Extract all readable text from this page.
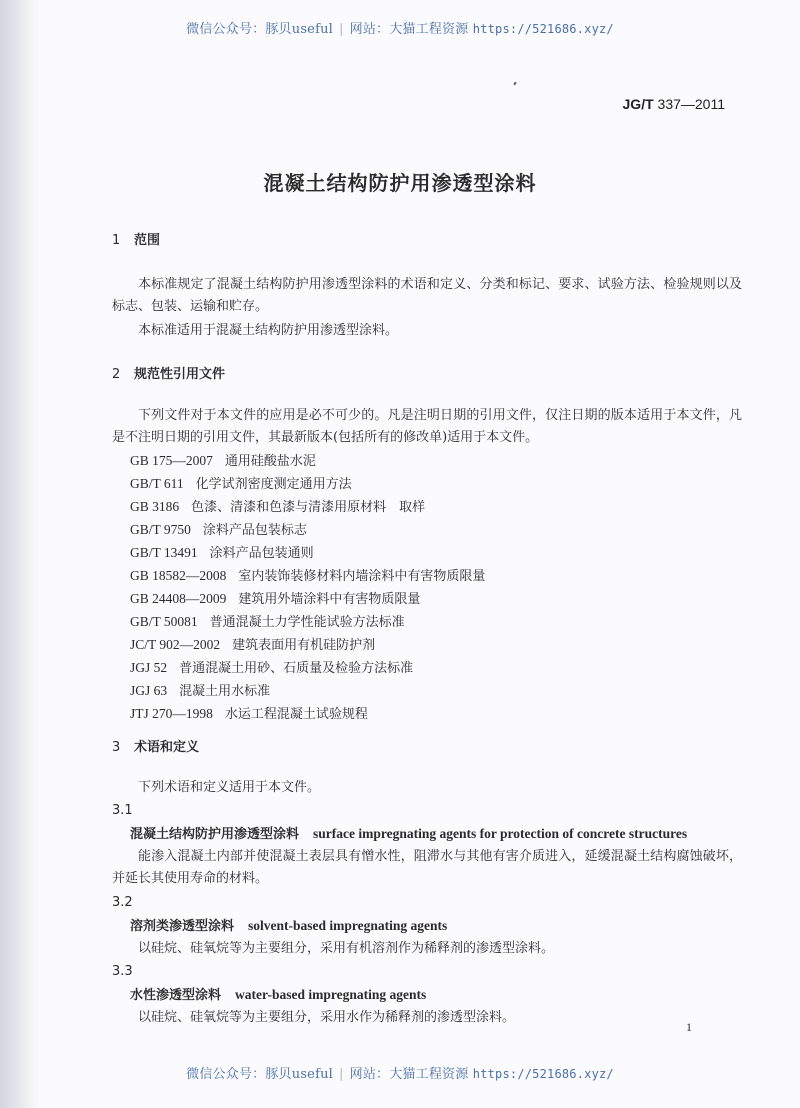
微信公众号：豚贝useful | 网站：大猫工程资源 https://521686.xyz/
JG/T 337—2011
混凝土结构防护用渗透型涂料
1 范围
本标准规定了混凝土结构防护用渗透型涂料的术语和定义、分类和标记、要求、试验方法、检验规则以及标志、包装、运输和贮存。
本标准适用于混凝土结构防护用渗透型涂料。
2 规范性引用文件
下列文件对于本文件的应用是必不可少的。凡是注明日期的引用文件，仅注日期的版本适用于本文件，凡是不注明日期的引用文件，其最新版本(包括所有的修改单)适用于本文件。
GB 175—2007 通用硅酸盐水泥
GB/T 611 化学试剂密度测定通用方法
GB 3186 色漆、清漆和色漆与清漆用原材料　取样
GB/T 9750 涂料产品包装标志
GB/T 13491 涂料产品包装通则
GB 18582—2008 室内装饰装修材料内墙涂料中有害物质限量
GB 24408—2009 建筑用外墙涂料中有害物质限量
GB/T 50081 普通混凝土力学性能试验方法标准
JC/T 902—2002 建筑表面用有机硅防护剂
JGJ 52 普通混凝土用砂、石质量及检验方法标准
JGJ 63 混凝土用水标准
JTJ 270—1998 水运工程混凝土试验规程
3 术语和定义
下列术语和定义适用于本文件。
3.1
混凝土结构防护用渗透型涂料 surface impregnating agents for protection of concrete structures
能渗入混凝土内部并使混凝土表层具有憎水性，阻滞水与其他有害介质进入，延缓混凝土结构腐蚀破坏，并延长其使用寿命的材料。
3.2
溶剂类渗透型涂料 solvent-based impregnating agents
以硅烷、硅氧烷等为主要组分，采用有机溶剂作为稀释剂的渗透型涂料。
3.3
水性渗透型涂料 water-based impregnating agents
以硅烷、硅氧烷等为主要组分，采用水作为稀释剂的渗透型涂料。
1
微信公众号：豚贝useful | 网站：大猫工程资源 https://521686.xyz/
